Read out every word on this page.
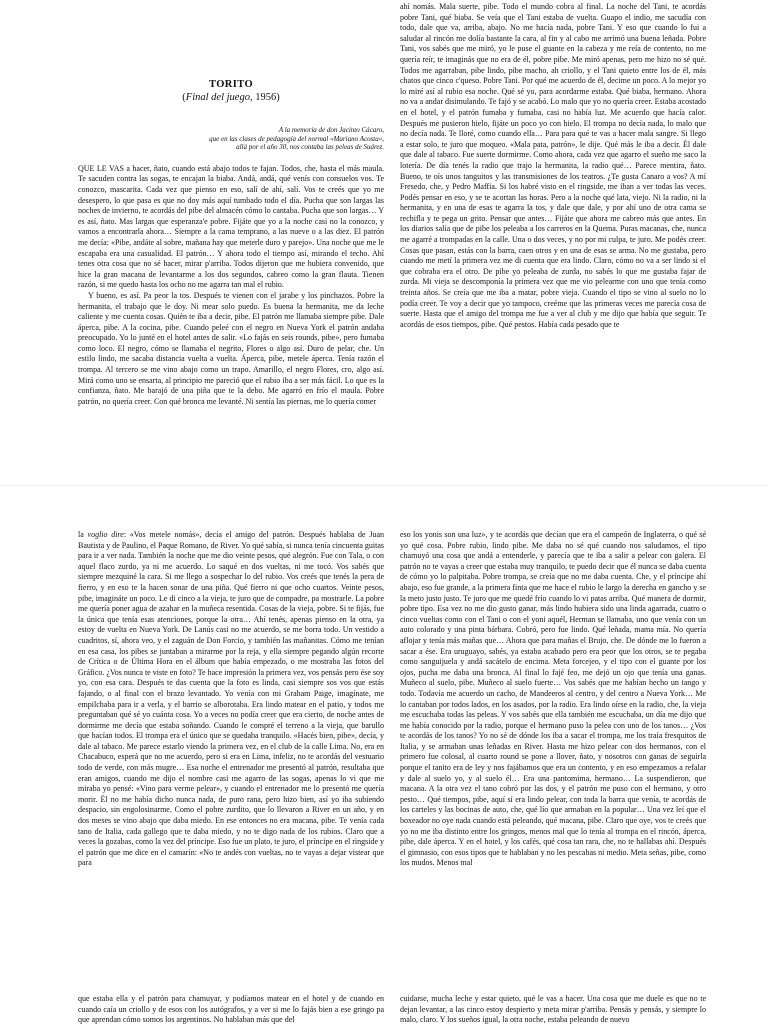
TORITO
(Final del juego, 1956)
A la memoria de don Jacinto Cácaro,
que en las clases de pedagogía del normal «Mariano Acosta»,
allá por el año 30, nos contaba las peleas de Suárez.

QUE LE VAS a hacer, ñato, cuando está abajo todos te fajan. Todos, che, hasta el más maula. Te sacuden contra las sogas, te encajan la biaba. Andá, andá, qué venís con consuelos vos. Te conozco, mascarita. Cada vez que pienso en eso, salí de ahí, salí. Vos te creés que yo me desespero, lo que pasa es que no doy más aquí tumbado todo el día. Pucha que son largas las noches de invierno, te acordás del pibe del almacén cómo lo cantaba. Pucha que son largas… Y es así, ñato. Mas largas que esperanza'e pobre. Fijáte que yo a la noche casi no la conozco, y vamos a encontrarla ahora… Siempre a la cama temprano, a las nueve o a las diez. El patrón me decía: «Pibe, andáte al sobre, mañana hay que meterle duro y parejo». Una noche que me le escapaba era una casualidad. El patrón… Y ahora todo el tiempo así, mirando el techo. Ahí tenes otra cosa que no sé hacer, mirar p'arriba. Todos dijeron que me hubiera convenido, que hice la gran macana de levantarme a los dos segundos, cabreo como la gran flauta. Tienen razón, si me quedo hasta los ocho no me agarra tan mal el rubio.

Y bueno, es así. Pa peor la tos. Después te vienen con el jarabe y los pinchazos. Pobre la hermanita, el trabajo que le doy. Ni mear solo puedo. Es buena la hermanita, me da leche caliente y me cuenta cosas. Quién te iba a decir, pibe. El patrón me llamaba siempre pibe. Dale áperca, pibe. A la cocina, pibe. Cuando peleé con el negro en Nueva York el patrón andaba preocupado. Yo lo junté en el hotel antes de salir. «Lo fajás en seis rounds, pibe», pero fumaba como loco. El negro, cómo se llamaba el negrito, Flores o algo así. Duro de pelar, che. Un estilo lindo, me sacaba distancia vuelta a vuelta. Áperca, pibe, metele áperca. Tenía razón el trompa. Al tercero se me vino abajo como un trapo. Amarillo, el negro Flores, cro, algo así. Mirá como uno se ensarta, al principio me pareció que el rubio iba a ser más fácil. Lo que es la confianza, ñato. Me barajó de una piña que te la debo. Me agarró en frío el maula. Pobre patrón, no quería creer. Con qué bronca me levanté. Ni sentía las piernas, me lo quería comer

ahí nomás. Mala suerte, pibe. Todo el mundo cobra al final. La noche del Tani, te acordás pobre Tani, qué biaba. Se veía que el Tani estaba de vuelta. Guapo el indio, me sacudía con todo, dale que va, arriba, abajo. No me hacía nada, pobre Tani. Y eso que cuando lo fui a saludar al rincón me dolía bastante la cara, al fin y al cabo me arrimó una buena leñada. Pobre Tani, vos sabés que me miró, yo le puse el guante en la cabeza y me reía de contento, no me quería reír, te imaginás que no era de él, pobre pibe. Me miró apenas, pero me hizo no sé qué. Todos me agarraban, pibe lindo, pibe macho, ah criollo, y el Tani quieto entre los de él, más chatos que cinco c'queso. Pobre Tani. Por qué me acuerdo de él, decime un poco. A lo mejor yo lo miré así al rubio esa noche. Qué sé yo, para acordarme estaba. Qué biaba, hermano. Ahora no va a andar disimulando. Te fajó y se acabó. Lo malo que yo no quería creer. Estaba acostado en el hotel, y el patrón fumaba y fumaba, casi no había luz. Me acuerdo que hacía calor. Después me pusieron hielo, fijáte un poco yo con hielo. El trompa no decía nada, lo malo que no decía nada. Te lloré, como cuando ella… Para para qué te vas a hacer mala sangre. Si llego a estar solo, te juro que moqueo. «Mala pata, patrón», le dije. Qué más le iba a decir. Él dale que dale al tabaco. Fue suerte dormirme. Como ahora, cada vez que agarro el sueño me saco la lotería. De día tenés la radio que trajo la hermanita, la radio qué… Parece mentira, ñato. Bueno, te oís unos tanguitos y las transmisiones de los teatros. ¿Te gusta Canaro a vos? A mí Fresedo, che, y Pedro Maffia. Si los habré visto en el ringside, me iban a ver todas las veces. Podés pensar en eso, y se te acortan las horas. Pero a la noche qué lata, viejo. Ni la radio, ni la hermanita, y en una de esas te agarra la tos, y dale que dale, y por ahí uno de otra cama se rechifla y te pega un grito. Pensar que antes… Fijáte que ahora me cabreo más que antes. En los diarios salía que de pibe los peleaba a los carreros en la Quema. Puras macanas, che, nunca me agarré a trompadas en la calle. Una o dos veces, y no por mi culpa, te juro. Me podés creer. Cosas que pasan, estás con la barra, caen otros y en una de esas se arma. No me gustaba, pero cuando me metí la primera vez me di cuenta que era lindo. Claro, cómo no va a ser lindo si el que cobraba era el otro. De pibe yo peleaba de zurda, no sabés lo que me gustaba fajar de zurda. Mi vieja se descomponía la primera vez que me vio pelearme con uno que tenía como treinta años. Se creía que me iba a matar, pobre vieja. Cuando el tipo se vino al suelo no lo podía creer. Te voy a decir que yo tampoco, creéme que las primeras veces me parecía cosa de suerte. Hasta que el amigo del trompa me fue a ver al club y me dijo que había que seguir. Te acordás de esos tiempos, pibe. Qué pestos. Había cada pesado que te

la voglio dire: «Vos metele nomás», decía el amigo del patrón. Después hablaba de Juan Bautista y de Paulino, el Paque Romano, de River. Yo qué sabía, si nunca tenía cincuenta guitas para ir a ver nada. También la noche que me dio veinte pesos, qué alegrón. Fue con Tala, o con aquel flaco zurdo, ya ni me acuerdo. Lo saqué en dos vueltas, ni me tocó. Vos sabés que siempre mezquiné la cara. Si me llego a sospechar lo del rubio. Vos creés que tenés la pera de fierro, y en eso te la hacen sonar de una piña. Qué fierro ni que ocho cuartos. Veinte pesos, pibe, imagináte un poco. Le di cinco a la vieja, te juro que de compadre, pa mostrarle. La pobre me quería poner agua de azahar en la muñeca resentida. Cosas de la vieja, pobre. Si te fijás, fue la única que tenía esas atenciones, porque la otra… Ahí tenés, apenas pienso en la otra, ya estoy de vuelta en Nueva York. De Lanús casi no me acuerdo, se me borra todo. Un vestido a cuadritos, sí, ahora veo, y el zaguán de Don Forcio, y también las mañanitas. Cómo me tenían en esa casa, los pibes se juntaban a mirarme por la reja, y ella siempre pegando algún recorte de Crítica o de Última Hora en el álbum que había empezado, o me mostraba las fotos del Gráfico. ¿Vos nunca te viste en foto? Te hace impresión la primera vez, vos pensás pero ése soy yo, con esa cara. Después te das cuenta que la foto es linda, casi siempre sos vos que estás fajando, o al final con el brazo levantado. Yo venía con mi Graham Paige, imagínate, me empilchaba para ir a verla, y el barrio se alborotaba. Era lindo matear en el patio, y todos me preguntaban qué sé yo cuánta cosa. Yo a veces no podía creer que era cierto, de noche antes de dormirme me decía que estaba soñando. Cuando le compré el terreno a la vieja, que barullo que hacían todos. El trompa era el único que se quedaba tranquilo. «Hacés bien, pibe», decía, y dale al tabaco. Me parece estarlo viendo la primera vez, en el club de la calle Lima. No, era en Chacabuco, esperá que no me acuerdo, pero si era en Lima, infeliz, no te acordás del vestuario todo de verde, con más mugre… Esa noche el entrenador me presentó al patrón, resultaba que eran amigos, cuando me dijo el nombre casi me agarro de las sogas, apenas lo vi que me miraba yo pensé: «Vino para verme pelear», y cuando el entrenador me lo presentó me quería morir. Él no me había dicho nunca nada, de puro rana, pero hizo bien, así yo iba subiendo despacio, sin engolosinarme. Como el pobre zurdito, que lo llevaron a River en un año, y en dos meses se vino abajo que daba miedo. En ese entonces no era macana, pibe. Te venía cada tano de Italia, cada gallego que te daba miedo, y no te digo nada de los rubios. Claro que a veces la gozabas, como la vez del príncipe. Eso fue un plato, te juro, el príncipe en el ringside y el patrón que me dice en el camarín: «No te andés con vueltas, no te vayas a dejar vistear que para

eso los yonis son una luz», y te acordás que decían que era el campeón de Inglaterra, o qué sé yo qué cosa. Pobre rubio, lindo pibe. Me daba no sé qué cuando nos saludamos, el tipo chamuyó una cosa que andá a entenderle, y parecía que te iba a salir a pelear con galera. El patrón no te vayas a creer que estaba muy tranquilo, te puedo decir que él nunca se daba cuenta de cómo yo lo palpitaba. Pobre trompa, se creía que no me daba cuenta. Che, y el príncipe ahí abajo, eso fue grande, a la primera finta que me hace el rubio le largo la derecha en gancho y se la meto justo justo. Te juro que me quedé frío cuando lo vi patas arriba. Qué manera de dormir, pobre tipo. Esa vez no me dio gusto ganar, más lindo hubiera sido una linda agarrada, cuatro o cinco vueltas como con el Tani o con el yoni aquél, Herman se llamaba, uno que venía con un auto colorado y una pinta bárbara. Cobró, pero fue lindo. Qué leñada, mama mía. No quería aflojar y tenía más mañas que… Ahora que para mañas el Brujo, che. De dónde me lo fueron a sacar a ése. Era uruguayo, sabés, ya estaba acabado pero era peor que los otros, se te pegaba como sanguijuela y andá sacátelo de encima. Meta forcejeo, y el tipo con el guante por los ojos, pucha me daba una bronca. Al final lo fajé feo, me dejó un ojo que tenía una ganas. Muñeco al suelo, pibe. Muñeco al suelo fuerte… Vos sabés que me habían hecho un tango y todo. Todavía me acuerdo un cacho, de Mandeeros al centro, y del centro a Nueva York… Me lo cantaban por todos lados, en los asados, por la radio. Era lindo oírse en la radio, che, la vieja me escuchaba todas las peleas. Y vos sabés que ella también me escuchaba, un día me dijo que me había conocido por la radio, porque el hermano puso la pelea con uno de los tanos… ¿Vos te acordás de los tanos? Yo no sé de dónde los iba a sacar el trompa, me los traía fresquitos de Italia, y se armaban unas leñadas en River. Hasta me hizo pelear con dos hermanos, con el primero fue colosal, al cuarto round se pone a llover, ñato, y nosotros con ganas de seguirla porque el tanito era de ley y nos fajábamos que era un contento, y en eso empezamos a refalar y dale al suelo yo, y al suelo él… Era una pantomima, hermano… La suspendieron, que macana. A la otra vez el tano cobró por las dos, y el patrón me puso con el hermano, y otro pesto… Qué tiempos, pibe, aquí sí era lindo pelear, con toda la barra que venía, te acordás de los carteles y las bocinas de auto, che, qué lío que armaban en la popular… Una vez leí que el boxeador no oye nada cuando está peleando, qué macana, pibe. Claro que oye, vos te creés que yo no me iba distinto entre los gringos, menos mal que lo tenía al trompa en el rincón, áperca, pibe, dale áperca. Y en el hotel, y los cafés, qué cosa tan rara, che, no te hallabas ahí. Después el gimnasio, con esos tipos que te hablaban y no les pescabas ni medio. Meta señas, pibe, como los mudos. Menos mal

que estaba ella y el patrón para chamuyar, y podíamos matear en el hotel y de cuando en cuando caía un criollo y de esos con los autógrafos, y a ver si me lo fajás bien a ese gringo pa que aprendan cómo somos los argentinos. No hablaban más que del

cuidarse, mucha leche y estar quieto, qué le vas a hacer. Una cosa que me duele es que no te dejan levantar, a las cinco estoy despierto y meta mirar p'arriba. Pensás y pensás, y siempre lo malo, claro. Y los sueños igual, la otra noche, estaba peleando de nuevo
